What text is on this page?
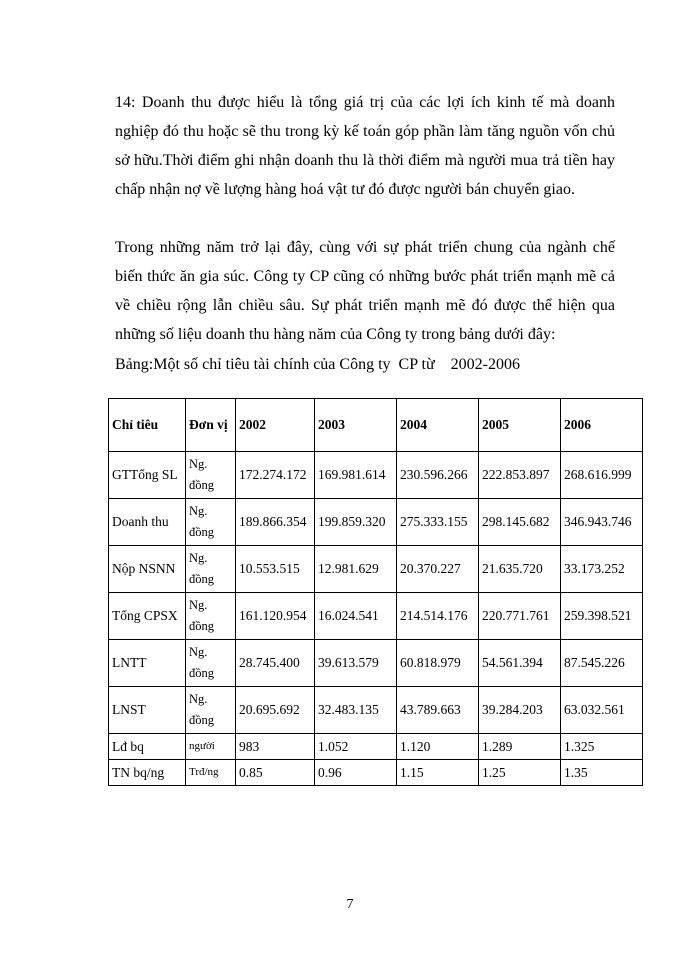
14: Doanh thu được hiểu là tổng giá trị của các lợi ích kinh tế mà doanh nghiệp đó thu hoặc sẽ thu trong kỳ kế toán góp phần làm tăng nguồn vốn chủ sở hữu.Thời điểm ghi nhận doanh thu là thời điểm mà người mua trả tiền hay chấp nhận nợ về lượng hàng hoá vật tư đó được người bán chuyển giao.

Trong những năm trở lại đây, cùng với sự phát triển chung của ngành chế biến thức ăn gia súc. Công ty CP cũng có những bước phát triển mạnh mẽ cả về chiều rộng lẫn chiều sâu. Sự phát triển mạnh mẽ đó được thể hiện qua những số liệu doanh thu hàng năm của Công ty trong bảng dưới đây:

Bảng:Một số chỉ tiêu tài chính của Công ty  CP từ    2002-2006

Chỉ tiêu	Đơn vị	2002	2003	2004	2005	2006
GTTổng SL	Ng. đồng	172.274.172	169.981.614	230.596.266	222.853.897	268.616.999
Doanh thu	Ng. đồng	189.866.354	199.859.320	275.333.155	298.145.682	346.943.746
Nộp NSNN	Ng. đồng	10.553.515	12.981.629	20.370.227	21.635.720	33.173.252
Tổng CPSX	Ng. đồng	161.120.954	16.024.541	214.514.176	220.771.761	259.398.521
LNTT	Ng. đồng	28.745.400	39.613.579	60.818.979	54.561.394	87.545.226
LNST	Ng. đồng	20.695.692	32.483.135	43.789.663	39.284.203	63.032.561
Lđ bq	người	983	1.052	1.120	1.289	1.325
TN bq/ng	Trđ/ng	0.85	0.96	1.15	1.25	1.35
7
